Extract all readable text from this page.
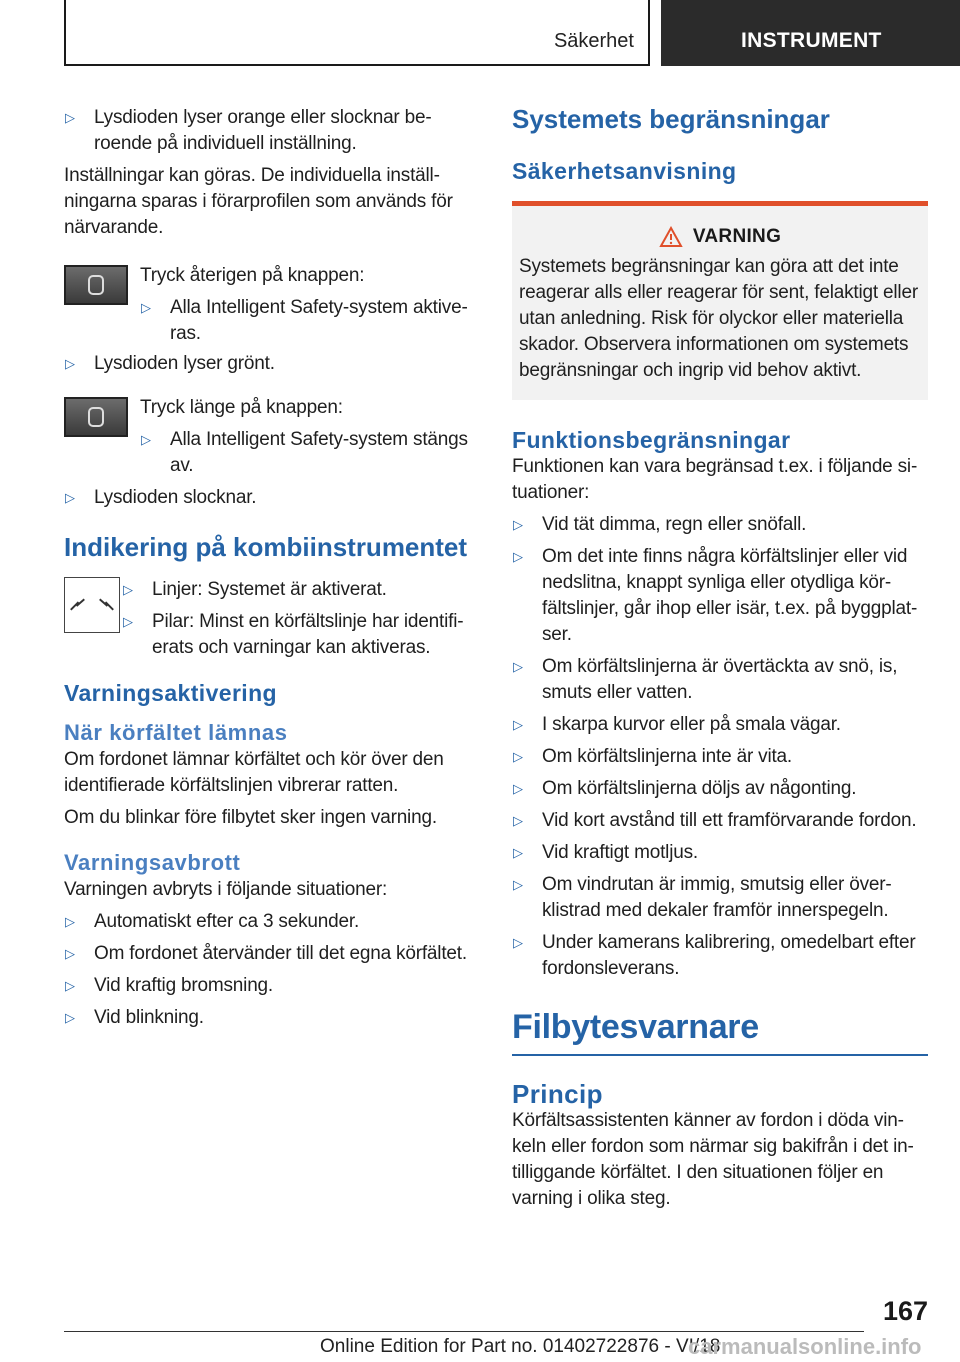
Säkerhet	INSTRUMENT
▷ Lysdioden lyser orange eller slocknar beroende på individuell inställning.

Inställningar kan göras. De individuella inställningarna sparas i förarprofilen som används för närvarande.

Tryck återigen på knappen:

▷ Alla Intelligent Safety-system aktiveras.
▷ Lysdioden lyser grönt.

Tryck länge på knappen:

▷ Alla Intelligent Safety-system stängs av.
▷ Lysdioden slocknar.
Indikering på kombiinstrumentet
▷ Linjer: Systemet är aktiverat.
▷ Pilar: Minst en körfältslinje har identifierats och varningar kan aktiveras.
Varningsaktivering
När körfältet lämnas

Om fordonet lämnar körfältet och kör över den identifierade körfältslinjen vibrerar ratten.

Om du blinkar före filbytet sker ingen varning.

Varningsavbrott

Varningen avbryts i följande situationer:

▷ Automatiskt efter ca 3 sekunder.
▷ Om fordonet återvänder till det egna körfältet.
▷ Vid kraftig bromsning.
▷ Vid blinkning.
Systemets begränsningar
Säkerhetsanvisning
VARNING

Systemets begränsningar kan göra att det inte reagerar alls eller reagerar för sent, felaktigt eller utan anledning. Risk för olyckor eller materiella skador. Observera informationen om systemets begränsningar och ingrip vid behov aktivt.

Funktionsbegränsningar

Funktionen kan vara begränsad t.ex. i följande situationer:

▷ Vid tät dimma, regn eller snöfall.
▷ Om det inte finns några körfältslinjer eller vid nedslitna, knappt synliga eller otydliga körfältslinjer, går ihop eller isär, t.ex. på byggplatser.
▷ Om körfältslinjerna är övertäckta av snö, is, smuts eller vatten.
▷ I skarpa kurvor eller på smala vägar.
▷ Om körfältslinjerna inte är vita.
▷ Om körfältslinjerna döljs av någonting.
▷ Vid kort avstånd till ett framförvarande fordon.
▷ Vid kraftigt motljus.
▷ Om vindrutan är immig, smutsig eller överklistrad med dekaler framför innerspegeln.
▷ Under kamerans kalibrering, omedelbart efter fordonsleverans.
Filbytesvarnare
Princip

Körfältsassistenten känner av fordon i döda vinkeln eller fordon som närmar sig bakifrån i det intilliggande körfältet. I den situationen följer en varning i olika steg.

167
Online Edition for Part no. 01402722876 - VI/18
carmanualsonline.info
